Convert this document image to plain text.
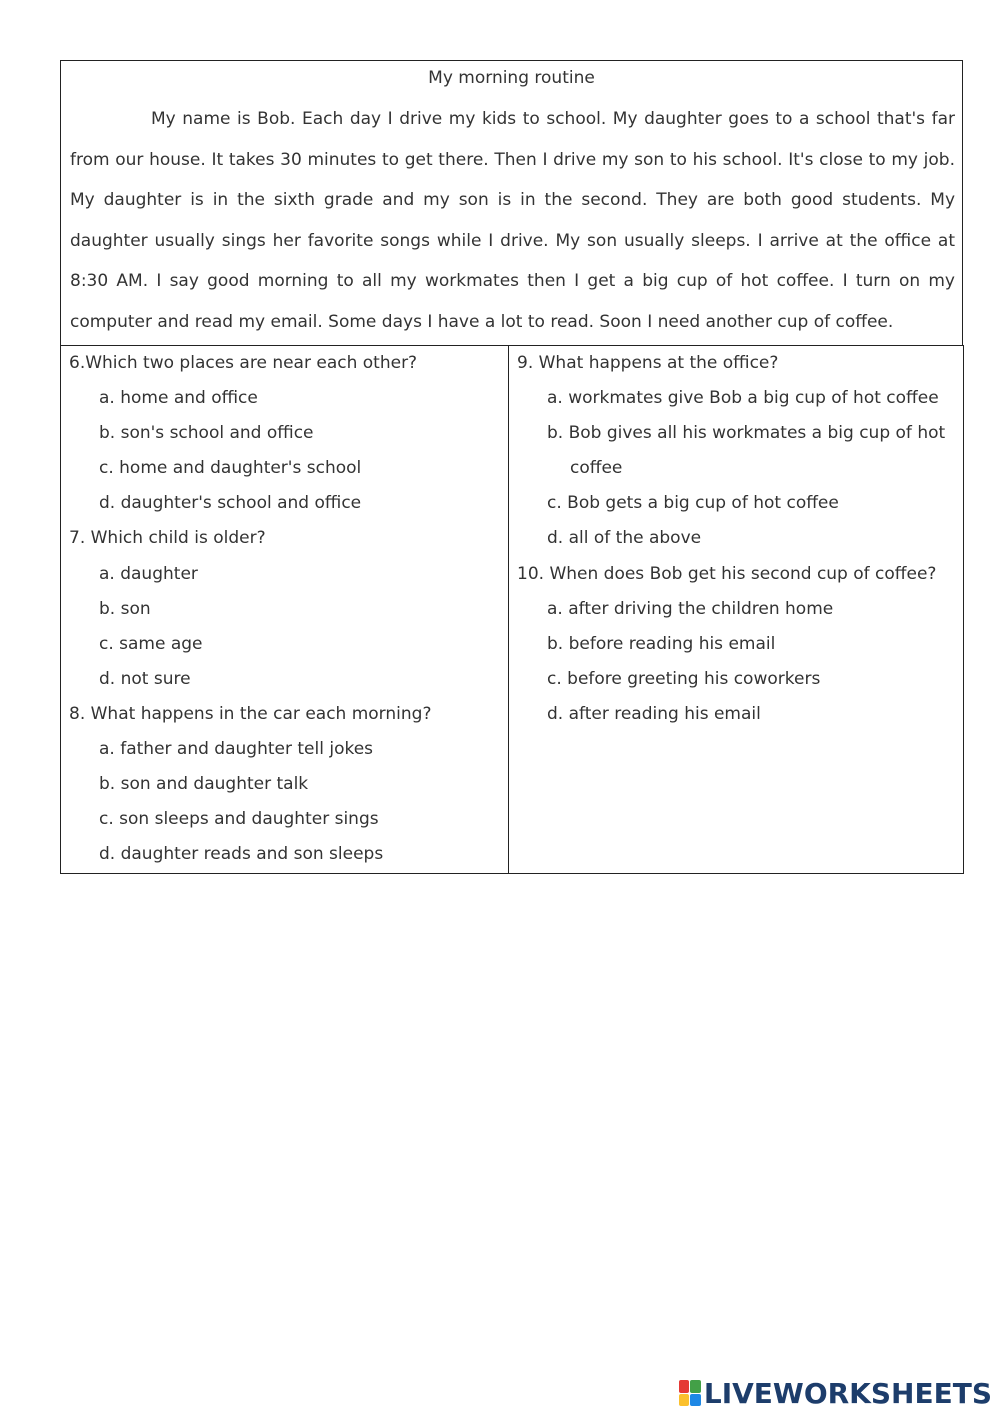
My morning routine

My name is Bob. Each day I drive my kids to school. My daughter goes to a school that's far from our house. It takes 30 minutes to get there. Then I drive my son to his school. It's close to my job. My daughter is in the sixth grade and my son is in the second. They are both good students. My daughter usually sings her favorite songs while I drive. My son usually sleeps. I arrive at the office at 8:30 AM. I say good morning to all my workmates then I get a big cup of hot coffee. I turn on my computer and read my email. Some days I have a lot to read. Soon I need another cup of coffee.

6.Which two places are near each other?
a. home and office
b. son's school and office
c. home and daughter's school
d. daughter's school and office
7. Which child is older?
a. daughter
b. son
c. same age
d. not sure
8. What happens in the car each morning?
a. father and daughter tell jokes
b. son and daughter talk
c. son sleeps and daughter sings
d. daughter reads and son sleeps
9. What happens at the office?
a. workmates give Bob a big cup of hot coffee
b. Bob gives all his workmates a big cup of hot
coffee
c. Bob gets a big cup of hot coffee
d. all of the above
10. When does Bob get his second cup of coffee?
a. after driving the children home
b. before reading his email
c. before greeting his coworkers
d. after reading his email
LIVEWORKSHEETS
